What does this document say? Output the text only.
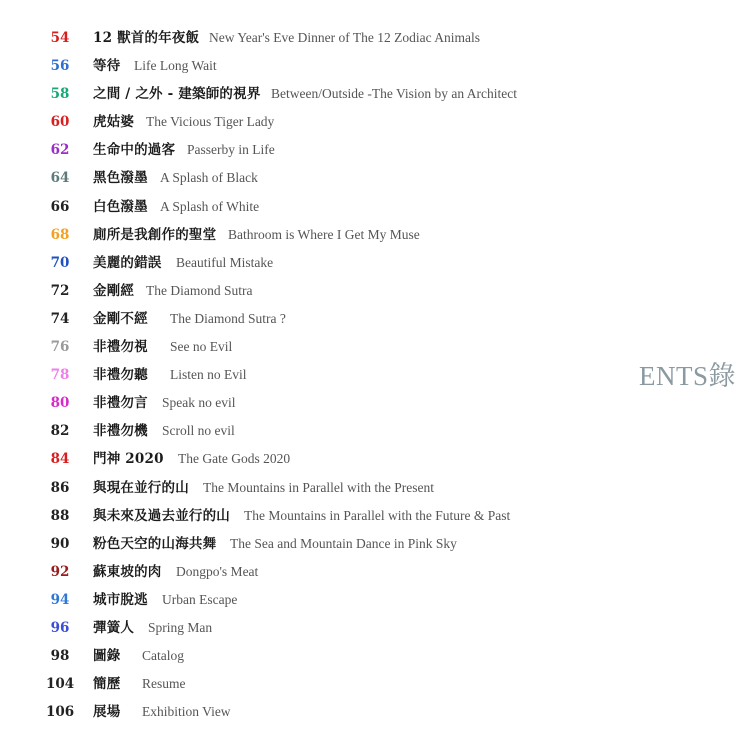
54	12 獸首的年夜飯 New Year's Eve Dinner of The 12 Zodiac Animals
56	等待 Life Long Wait
58	之間 / 之外 - 建築師的視界 Between/Outside -The Vision by an Architect
60	虎姑婆 The Vicious Tiger Lady
62	生命中的過客 Passerby in Life
64	黑色潑墨 A Splash of Black
66	白色潑墨 A Splash of White
68	廁所是我創作的聖堂 Bathroom is Where I Get My Muse
70	美麗的錯誤 Beautiful Mistake
72	金剛經 The Diamond Sutra
74	金剛不經 The Diamond Sutra ?
76	非禮勿視 See no Evil
78	非禮勿聽 Listen no Evil
80	非禮勿言 Speak no evil
82	非禮勿機 Scroll no evil
84	門神 2020 The Gate Gods 2020
86	與現在並行的山 The Mountains in Parallel with the Present
88	與未來及過去並行的山 The Mountains in Parallel with the Future & Past
90	粉色天空的山海共舞 The Sea and Mountain Dance in Pink Sky
92	蘇東坡的肉 Dongpo's Meat
94	城市脫逃 Urban Escape
96	彈簧人 Spring Man
98	圖錄 Catalog
104 簡歷 Resume
106 展場 Exhibition View
ENTS錄
